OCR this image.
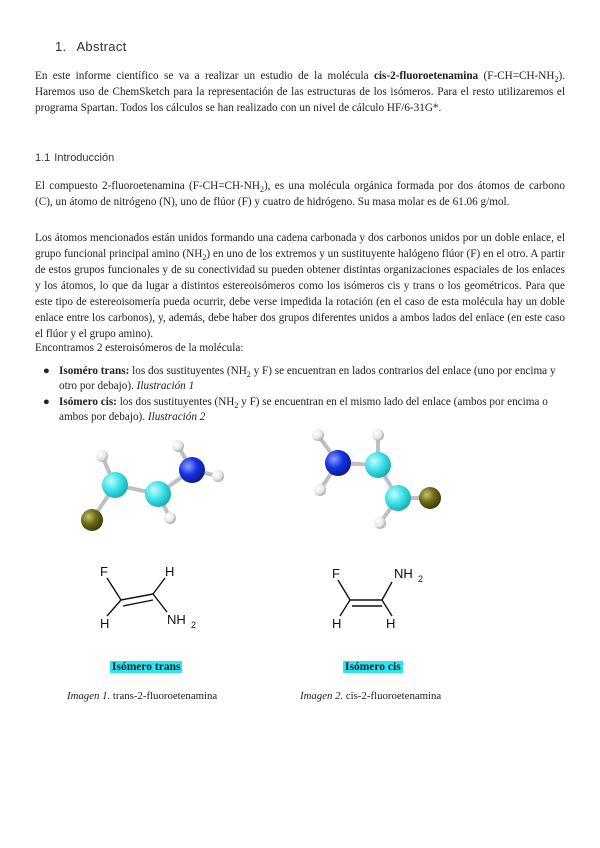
1. Abstract
En este informe científico se va a realizar un estudio de la molécula cis-2-fluoroetenamina $(F-CH=CH-NH_2)$. Haremos uso de ChemSketch para la representación de las estructuras de los isómeros. Para el resto utilizaremos el programa Spartan. Todos los cálculos se han realizado con un nivel de cálculo HF/6-31G*.
1.1 Introducción
El compuesto 2-fluoroetenamina $(F-CH=CH-NH_2)$, es una molécula orgánica formada por dos átomos de carbono (C), un átomo de nitrógeno (N), uno de flúor (F) y cuatro de hidrógeno. Su masa molar es de 61.06 g/mol.
Los átomos mencionados están unidos formando una cadena carbonada y dos carbonos unidos por un doble enlace, el grupo funcional principal amino $(NH_2)$ en uno de los extremos y un sustituyente halógeno flúor (F) en el otro. A partir de estos grupos funcionales y de su conectividad su pueden obtener distintas organizaciones espaciales de los enlaces y los átomos, lo que da lugar a distintos estereoisómeros como los isómeros cis y trans o los geométricos. Para que este tipo de estereoisomería pueda ocurrir, debe verse impedida la rotación (en el caso de esta molécula hay un doble enlace entre los carbonos), y, además, debe haber dos grupos diferentes unidos a ambos lados del enlace (en este caso el flúor y el grupo amino).
Encontramos 2 esteroisómeros de la molécula:
● Isoméro trans: los dos sustituyentes ($NH_2$ y F) se encuentran en lados contrarios del enlace (uno por encima y otro por debajo). Ilustración 1
● Isómero cis: los dos sustituyentes ($NH_2$ y F) se encuentran en el mismo lado del enlace (ambos por encima o ambos por debajo). Ilustración 2
F
H
H
NH 2
F
H	H
NH 2
Isómero trans	Isómero cis
Imagen 1. trans-2-fluoroetenamina	Imagen 2. cis-2-fluoroetenamina
